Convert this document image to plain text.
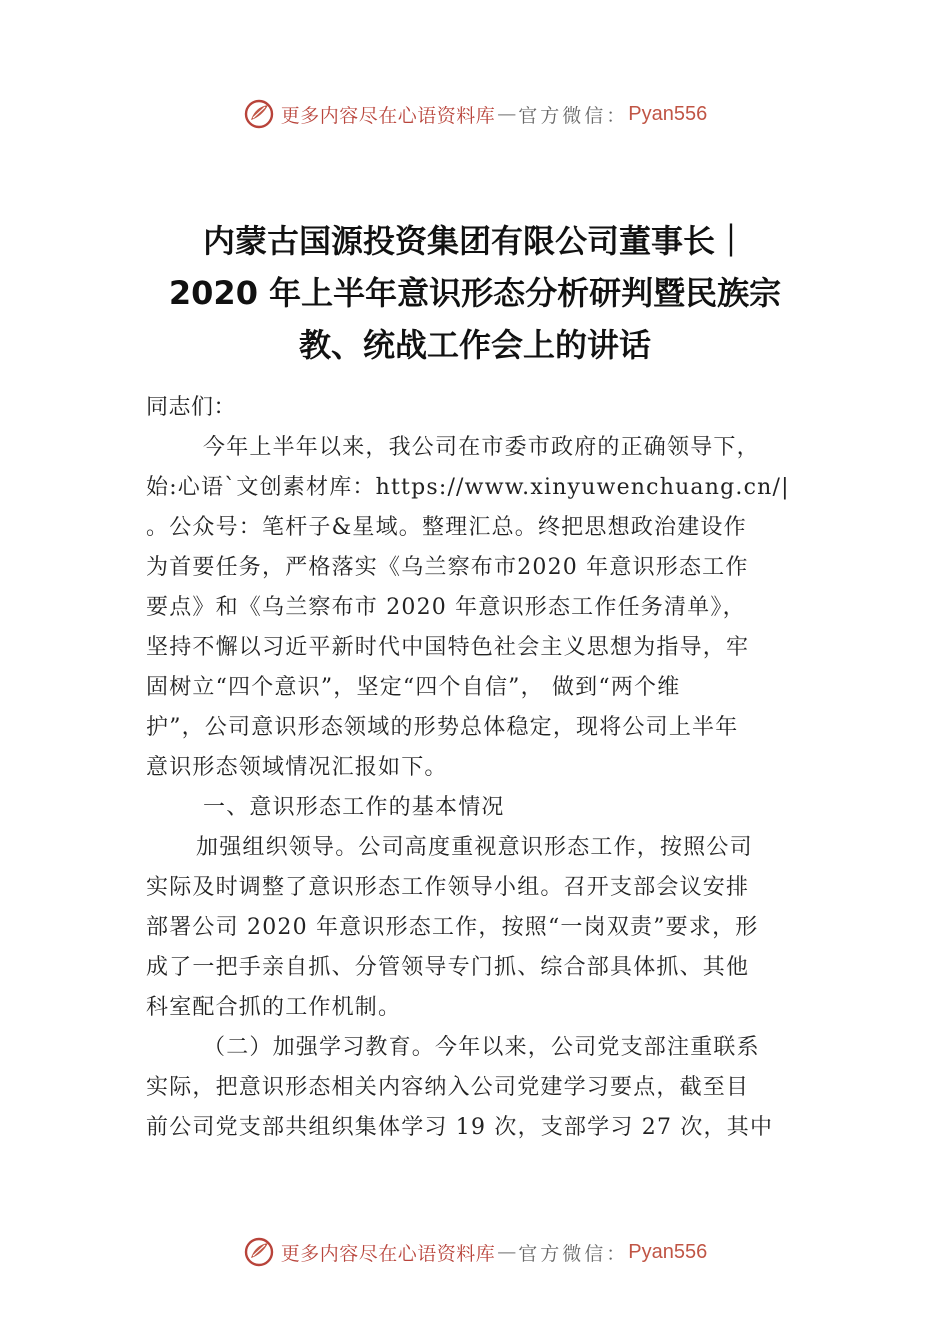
更多内容尽在心语资料库 — 官方微信： Pyan556
内蒙古国源投资集团有限公司董事长｜
2020 年上半年意识形态分析研判暨民族宗
教、统战工作会上的讲话
同志们：
今年上半年以来，我公司在市委市政府的正确领导下，
始:心语`文创素材库：https://www.xinyuwenchuang.cn/|
。公众号：笔杆子&星域。整理汇总。终把思想政治建设作
为首要任务，严格落实《乌兰察布市2020 年意识形态工作
要点》和《乌兰察布市 2020 年意识形态工作任务清单》，
坚持不懈以习近平新时代中国特色社会主义思想为指导，牢
固树立“四个意识”，坚定“四个自信”， 做到“两个维
护”，公司意识形态领域的形势总体稳定，现将公司上半年
意识形态领域情况汇报如下。
一、意识形态工作的基本情况
加强组织领导。公司高度重视意识形态工作，按照公司
实际及时调整了意识形态工作领导小组。召开支部会议安排
部署公司 2020 年意识形态工作，按照“一岗双责”要求，形
成了一把手亲自抓、分管领导专门抓、综合部具体抓、其他
科室配合抓的工作机制。
（二）加强学习教育。今年以来，公司党支部注重联系
实际，把意识形态相关内容纳入公司党建学习要点，截至目
前公司党支部共组织集体学习 19 次，支部学习 27 次，其中
更多内容尽在心语资料库 — 官方微信： Pyan556
